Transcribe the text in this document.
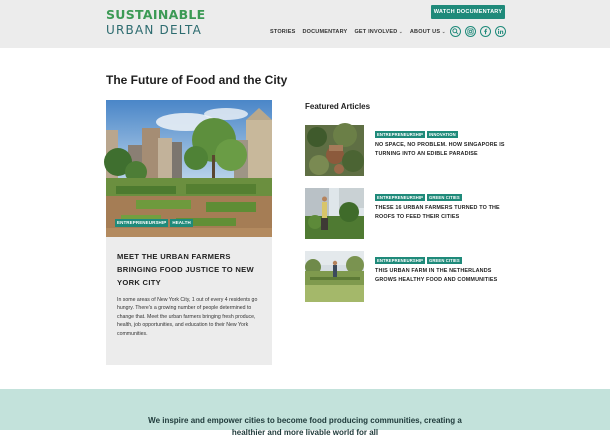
SUSTAINABLE
URBAN DELTA
WATCH DOCUMENTARY
STORIES DOCUMENTARY GET INVOLVED ⌄ ABOUT US ⌄
The Future of Food and the City
ENTREPRENEURSHIP	HEALTH
MEET THE URBAN FARMERS BRINGING FOOD JUSTICE TO NEW YORK CITY
In some areas of New York City, 1 out of every 4 residents go hungry. There's a growing number of people determined to change that. Meet the urban farmers bringing fresh produce, health, job opportunities, and education to their New York communities.
Featured Articles
ENTREPRENEURSHIP	INNOVATION
NO SPACE, NO PROBLEM. HOW SINGAPORE IS TURNING INTO AN EDIBLE PARADISE
ENTREPRENEURSHIP	GREEN CITIES
THESE 16 URBAN FARMERS TURNED TO THE ROOFS TO FEED THEIR CITIES
ENTREPRENEURSHIP	GREEN CITIES
THIS URBAN FARM IN THE NETHERLANDS GROWS HEALTHY FOOD AND COMMUNITIES
We inspire and empower cities to become food producing communities, creating a
healthier and more livable world for all
